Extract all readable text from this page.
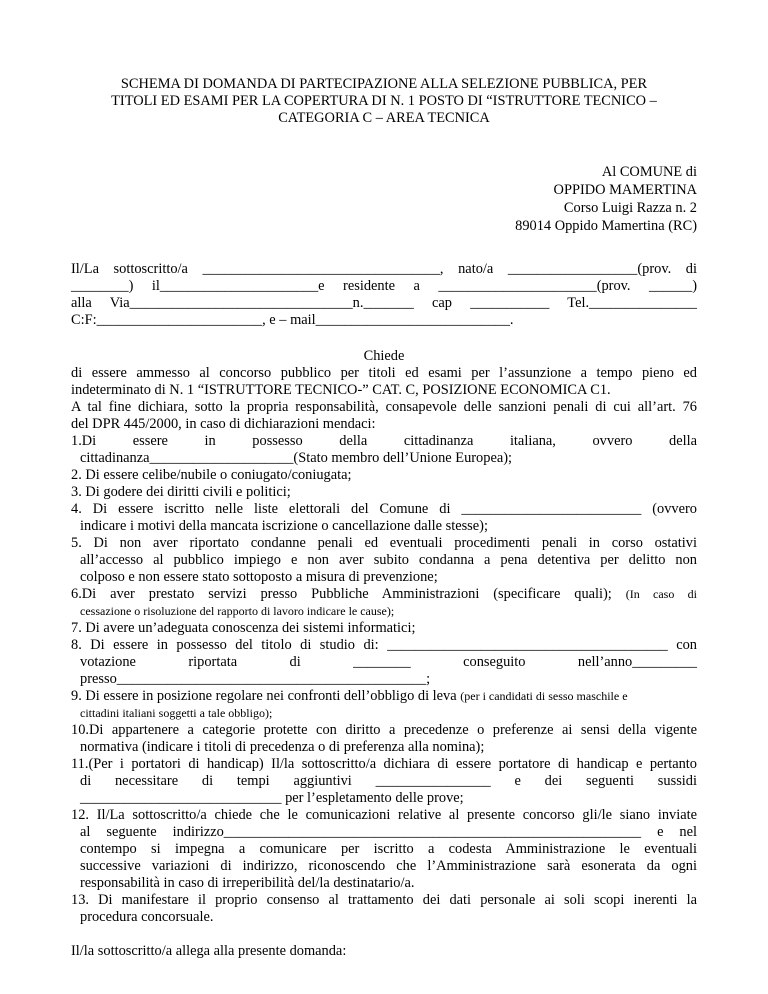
SCHEMA DI DOMANDA DI PARTECIPAZIONE ALLA SELEZIONE PUBBLICA, PER
TITOLI ED ESAMI PER LA COPERTURA DI N. 1 POSTO DI “ISTRUTTORE TECNICO –
CATEGORIA C – AREA TECNICA
Al COMUNE di
OPPIDO MAMERTINA
Corso Luigi Razza n. 2
89014 Oppido Mamertina (RC)
Il/La sottoscritto/a _________________________________, nato/a __________________(prov. di
________) il______________________e residente a ______________________(prov. ______)
alla Via_______________________________n._______ cap ___________ Tel._______________
C:F:_______________________, e – mail___________________________.
Chiede
di essere ammesso al concorso pubblico per titoli ed esami per l’assunzione a tempo pieno ed
indeterminato di N. 1 “ISTRUTTORE TECNICO-” CAT. C, POSIZIONE ECONOMICA C1.
A tal fine dichiara, sotto la propria responsabilità, consapevole delle sanzioni penali di cui all’art. 76
del DPR 445/2000, in caso di dichiarazioni mendaci:
1.Di essere in possesso della cittadinanza italiana, ovvero della
cittadinanza____________________(Stato membro dell’Unione Europea);
2. Di essere celibe/nubile o coniugato/coniugata;
3. Di godere dei diritti civili e politici;
4. Di essere iscritto nelle liste elettorali del Comune di _________________________ (ovvero
indicare i motivi della mancata iscrizione o cancellazione dalle stesse);
5. Di non aver riportato condanne penali ed eventuali procedimenti penali in corso ostativi
all’accesso al pubblico impiego e non aver subito condanna a pena detentiva per delitto non
colposo e non essere stato sottoposto a misura di prevenzione;
6.Di aver prestato servizi presso Pubbliche Amministrazioni (specificare quali); (In caso di
cessazione o risoluzione del rapporto di lavoro indicare le cause);
7. Di avere un’adeguata conoscenza dei sistemi informatici;
8. Di essere in possesso del titolo di studio di: _______________________________________ con
votazione riportata di ________ conseguito nell’anno_________
presso___________________________________________;
9. Di essere in posizione regolare nei confronti dell’obbligo di leva (per i candidati di sesso maschile e
cittadini italiani soggetti a tale obbligo);
10.Di appartenere a categorie protette con diritto a precedenze o preferenze ai sensi della vigente
normativa (indicare i titoli di precedenza o di preferenza alla nomina);
11.(Per i portatori di handicap) Il/la sottoscritto/a dichiara di essere portatore di handicap e pertanto
di necessitare di tempi aggiuntivi ________________ e dei seguenti sussidi
____________________________ per l’espletamento delle prove;
12. Il/La sottoscritto/a chiede che le comunicazioni relative al presente concorso gli/le siano inviate
al seguente indirizzo__________________________________________________________ e nel
contempo si impegna a comunicare per iscritto a codesta Amministrazione le eventuali
successive variazioni di indirizzo, riconoscendo che l’Amministrazione sarà esonerata da ogni
responsabilità in caso di irreperibilità del/la destinatario/a.
13. Di manifestare il proprio consenso al trattamento dei dati personale ai soli scopi inerenti la
procedura concorsuale.
Il/la sottoscritto/a allega alla presente domanda:
